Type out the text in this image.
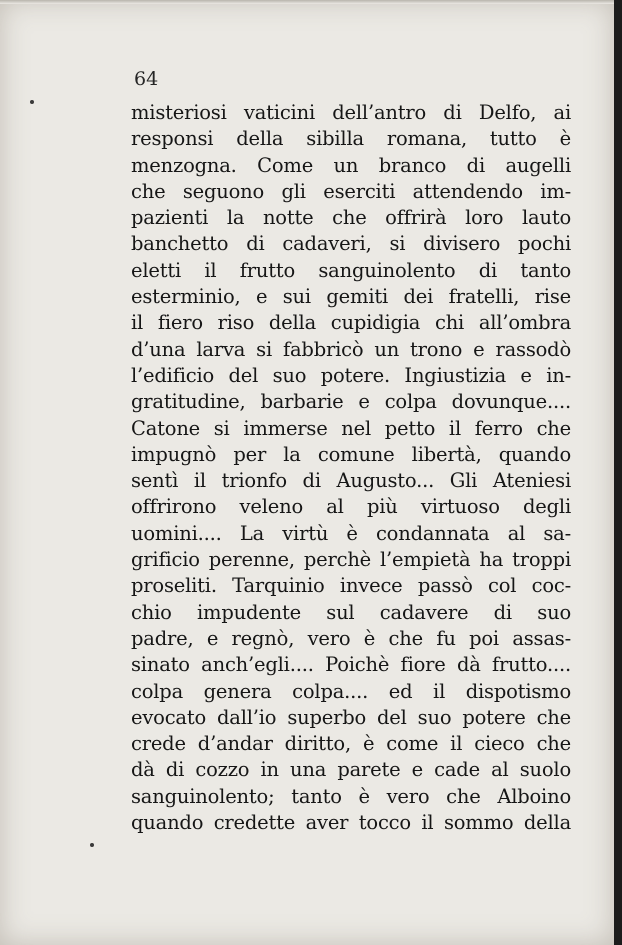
64

misteriosi vaticini dell’antro di Delfo, ai
responsi della sibilla romana, tutto è
menzogna. Come un branco di augelli
che seguono gli eserciti attendendo im-
pazienti la notte che offrirà loro lauto
banchetto di cadaveri, si divisero pochi
eletti il frutto sanguinolento di tanto
esterminio, e sui gemiti dei fratelli, rise
il fiero riso della cupidigia chi all’ombra
d’una larva si fabbricò un trono e rassodò
l’edificio del suo potere. Ingiustizia e in-
gratitudine, barbarie e colpa dovunque....
Catone si immerse nel petto il ferro che
impugnò per la comune libertà, quando
sentì il trionfo di Augusto... Gli Ateniesi
offrirono veleno al più virtuoso degli
uomini.... La virtù è condannata al sa-
grificio perenne, perchè l’empietà ha troppi
proseliti. Tarquinio invece passò col coc-
chio impudente sul cadavere di suo
padre, e regnò, vero è che fu poi assas-
sinato anch’egli.... Poichè fiore dà frutto....
colpa genera colpa.... ed il dispotismo
evocato dall’io superbo del suo potere che
crede d’andar diritto, è come il cieco che
dà di cozzo in una parete e cade al suolo
sanguinolento; tanto è vero che Alboino
quando credette aver tocco il sommo della
